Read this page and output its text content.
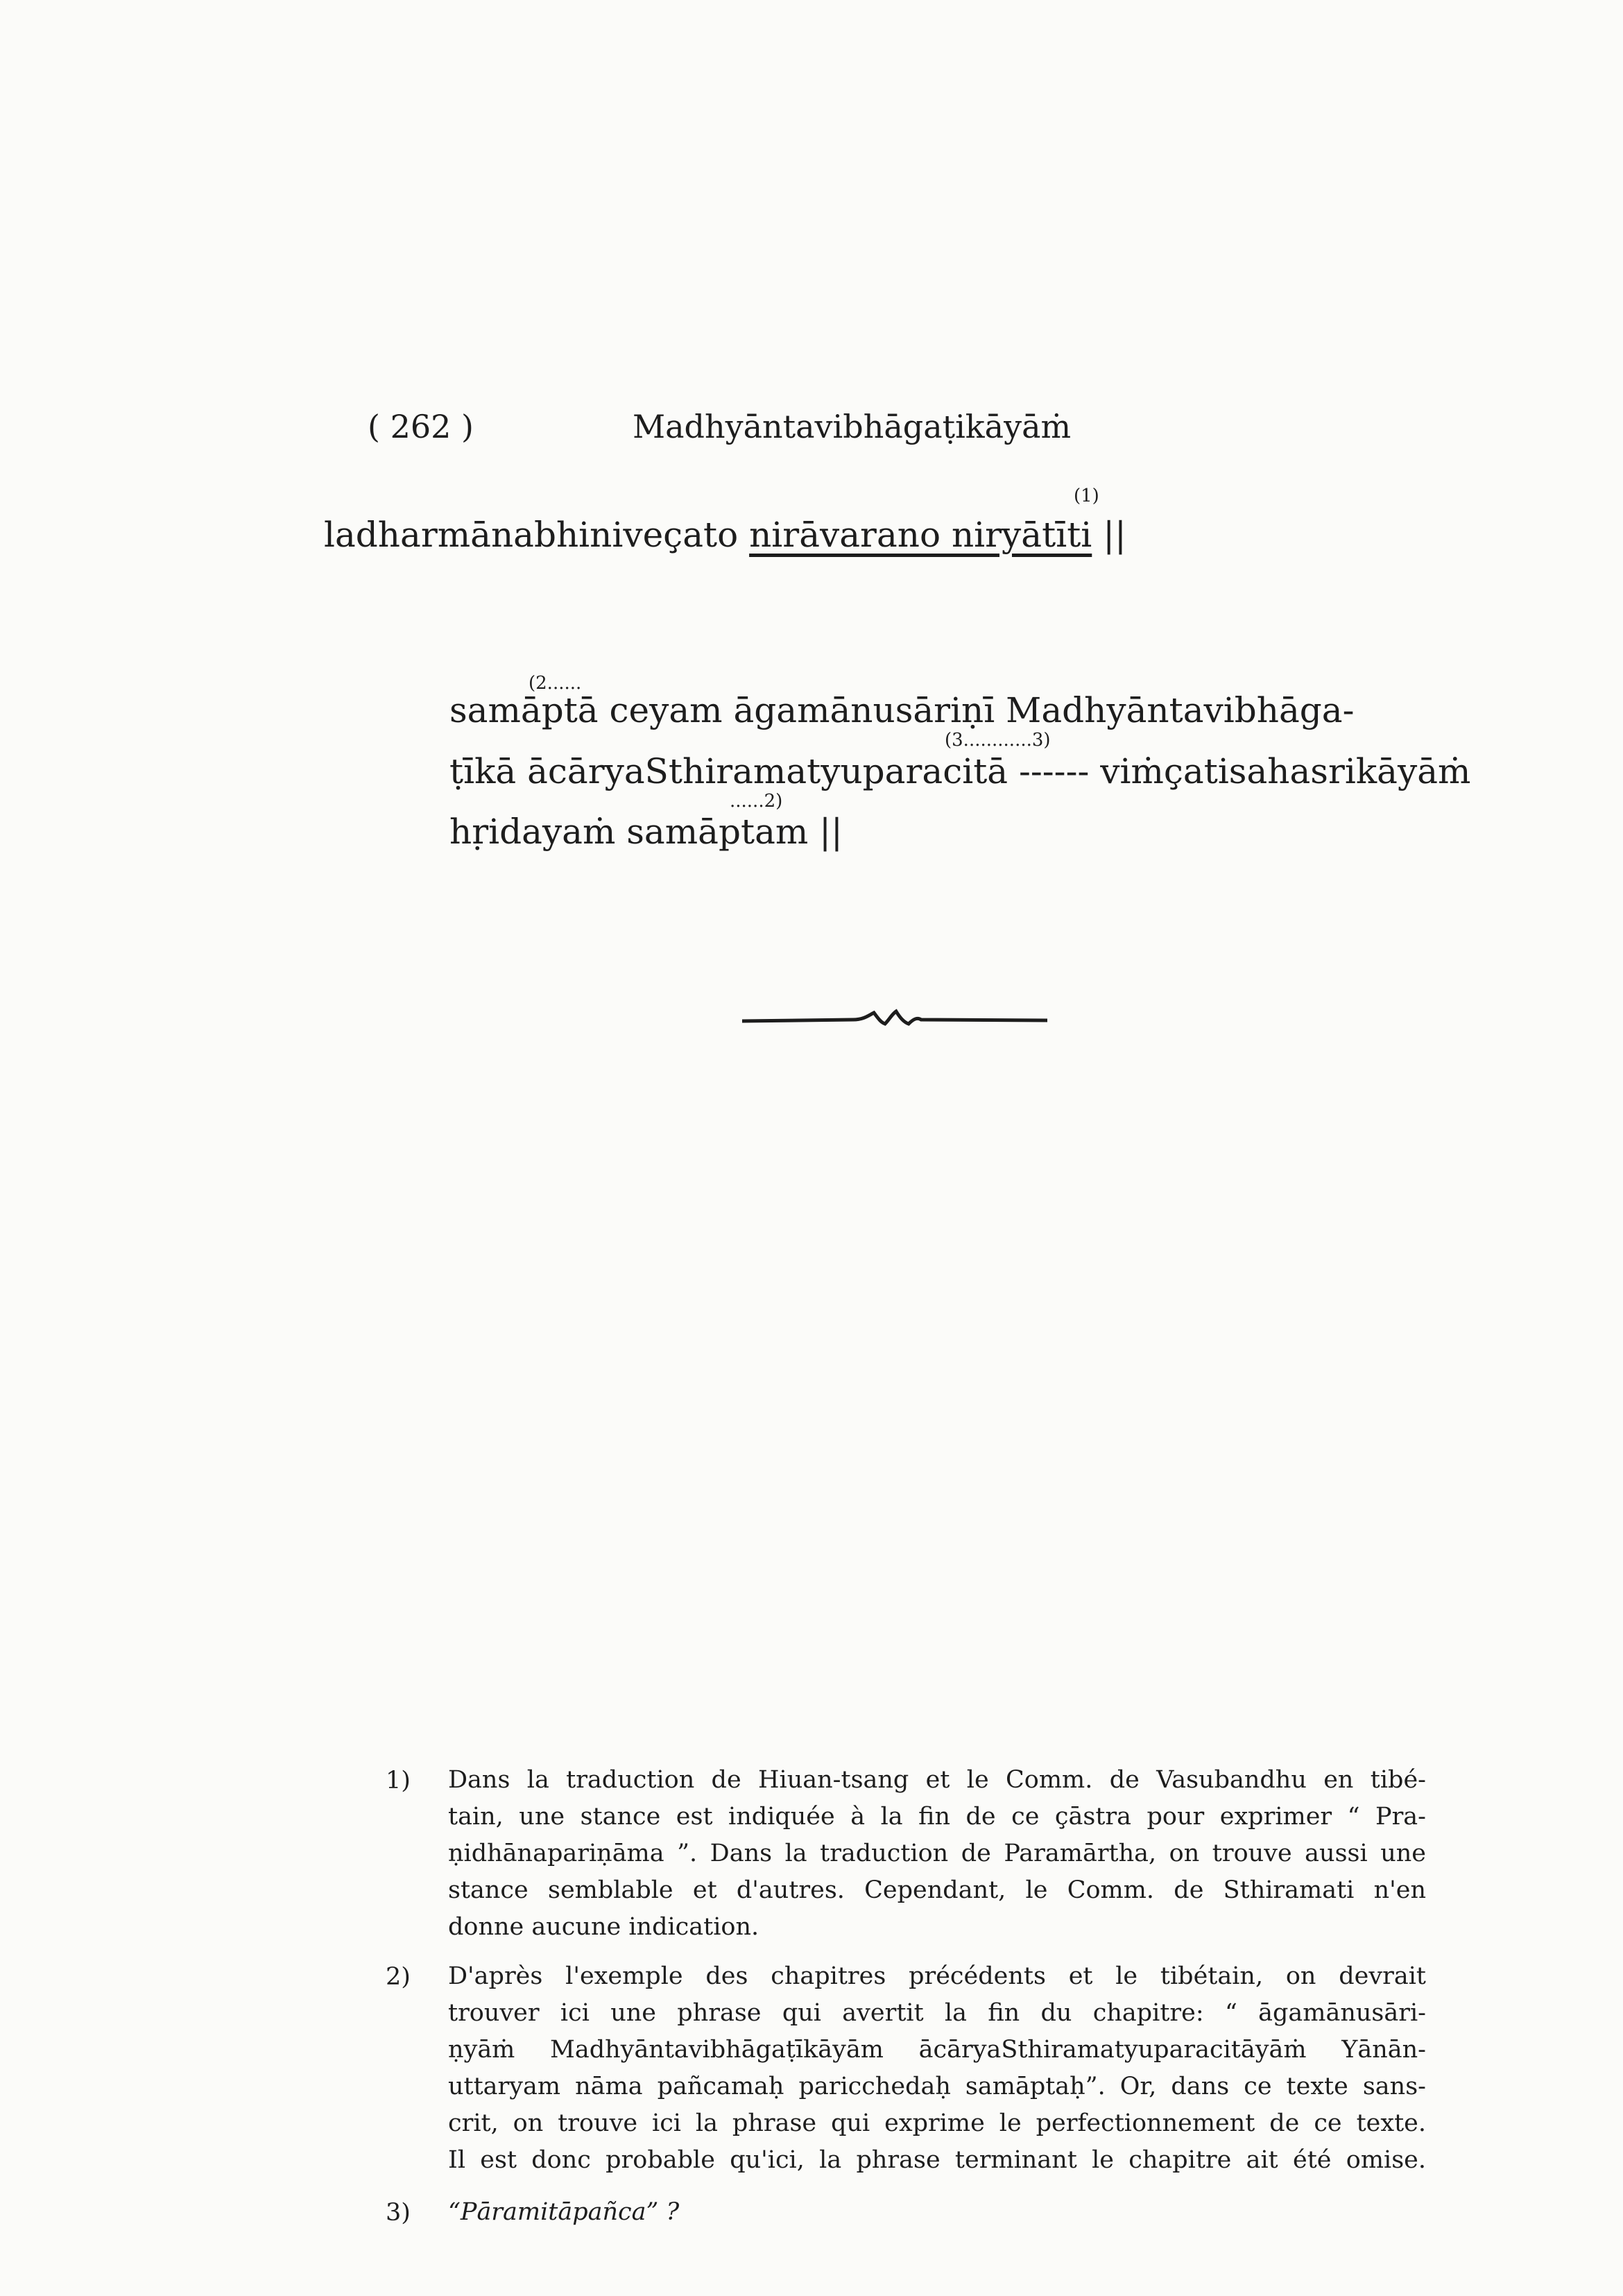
( 262 )	Madhyāntavibhāgaṭikāyāṁ
(1)
ladharmānabhiniveçato nirāvarano niryātīti ||
(2......
samāptā ceyam āgamānusāriṇī Madhyāntavibhāga-
(3............3)
ṭīkā ācāryaSthiramatyuparacitā ------ viṁçatisahasrikāyāṁ
......2)
hṛidayaṁ samāptam ||
1) Dans la traduction de Hiuan-tsang et le Comm. de Vasubandhu en tibé-
tain, une stance est indiquée à la fin de ce çāstra pour exprimer “ Pra-
ṇidhānapariṇāma ”. Dans la traduction de Paramārtha, on trouve aussi une
stance semblable et d'autres. Cependant, le Comm. de Sthiramati n'en
donne aucune indication.
2) D'après l'exemple des chapitres précédents et le tibétain, on devrait
trouver ici une phrase qui avertit la fin du chapitre: “ āgamānusāri-
ṇyāṁ Madhyāntavibhāgaṭīkāyām ācāryaSthiramatyuparacitāyāṁ Yānān-
uttaryam nāma pañcamaḥ paricchedaḥ samāptaḥ”. Or, dans ce texte sans-
crit, on trouve ici la phrase qui exprime le perfectionnement de ce texte.
Il est donc probable qu'ici, la phrase terminant le chapitre ait été omise.
3) “Pāramitāpañca” ?
